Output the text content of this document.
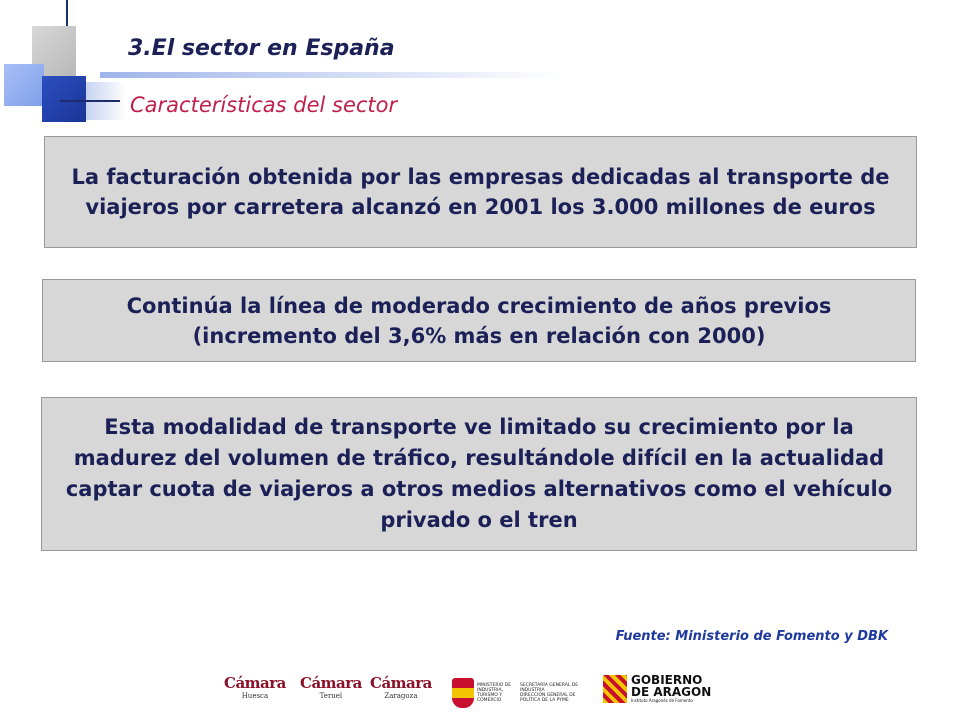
3.El sector en España
Características del sector
La facturación obtenida por las empresas dedicadas al transporte de viajeros por carretera alcanzó en 2001 los 3.000 millones de euros
Continúa la línea de moderado crecimiento de años previos (incremento del 3,6% más en relación con 2000)
Esta modalidad de transporte ve limitado su crecimiento por la madurez del volumen de tráfico, resultándole difícil en la actualidad captar cuota de viajeros a otros medios alternativos como el vehículo privado o el tren
Fuente: Ministerio de Fomento y DBK
Cámara
Huesca
Cámara
Teruel
Cámara
Zaragoza
MINISTERIO DE INDUSTRIA, TURISMO Y COMERCIO
SECRETARÍA GENERAL DE INDUSTRIA
DIRECCIÓN GENERAL DE POLÍTICA DE LA PYME
GOBIERNO
DE ARAGON
Instituto Aragonés de Fomento
